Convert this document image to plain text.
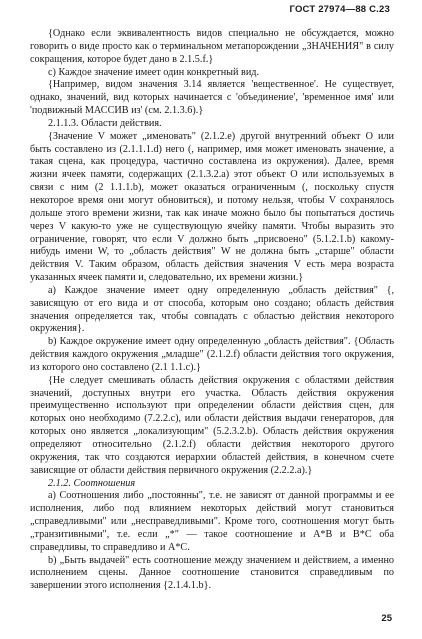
ГОСТ 27974—88 С.23

{Однако если эквивалентность видов специально не обсуждается, можно говорить о виде просто как о терминальном метапорождении „ЗНАЧЕНИЯ" в силу сокращения, которое будет дано в 2.1.5.f.}

c) Каждое значение имеет один конкретный вид.

{Например, видом значения 3.14 является 'вещественное'. Не существует, однако, значений, вид которых начинается с 'объединение', 'временное имя' или 'подвижный МАССИВ из' (см. 2.1.3.6).}

2.1.1.3. Области действия.

{Значение V может „именовать" (2.1.2.е) другой внутренний объект О или быть составлено из (2.1.1.1.d) него (, например, имя может именовать значение, а такая сцена, как процедура, частично составлена из окружения). Далее, время жизни ячеек памяти, содержащих (2.1.3.2.а) этот объект О или используемых в связи с ним (2 1.1.1.b), может оказаться ограниченным (, поскольку спустя некоторое время они могут обновиться), и потому нельзя, чтобы V сохранялось дольше этого времени жизни, так как иначе можно было бы попытаться достичь через V какую-то уже не существующую ячейку памяти. Чтобы выразить это ограничение, говорят, что если V должно быть „присвоено" (5.1.2.1.b) какому-нибудь имени W, то „область действия" W не должна быть „старше" области действия V. Таким образом, область действия значения V есть мера возраста указанных ячеек памяти и, следовательно, их времени жизни.}

а) Каждое значение имеет одну определенную „область действия" {, зависящую от его вида и от способа, которым оно создано; область действия значения определяется так, чтобы совпадать с областью действия некоторого окружения}.

b) Каждое окружение имеет одну определенную „область действия". {Область действия каждого окружения „младше" (2.1.2.f) области действия того окружения, из которого оно составлено (2.1 1.1.с).}

{Не следует смешивать область действия окружения с областями действия значений, доступных внутри его участка. Область действия окружения преимущественно используют при определении области действия сцен, для которых оно необходимо (7.2.2.с), или области действия выдачи генераторов, для которых оно является „локализующим" (5.2.3.2.b). Область действия окружения определяют относительно (2.1.2.f) области действия некоторого другого окружения, так что создаются иерархии областей действия, в конечном счете зависящие от области действия первичного окружения (2.2.2.а).}

2.1.2. Соотношения

а) Соотношения либо „постоянны", т.е. не зависят от данной программы и ее исполнения, либо под влиянием некоторых действий могут становиться „справедливыми" или „несправедливыми". Кроме того, соотношения могут быть „транзитивными", т.е. если „*" — такое соотношение и А*В и В*С оба справедливы, то справедливо и А*С.

b) „Быть выдачей" есть соотношение между значением и действием, а именно исполнением сцены. Данное соотношение становится справедливым по завершении этого исполнения {2.1.4.1.b}.

25
